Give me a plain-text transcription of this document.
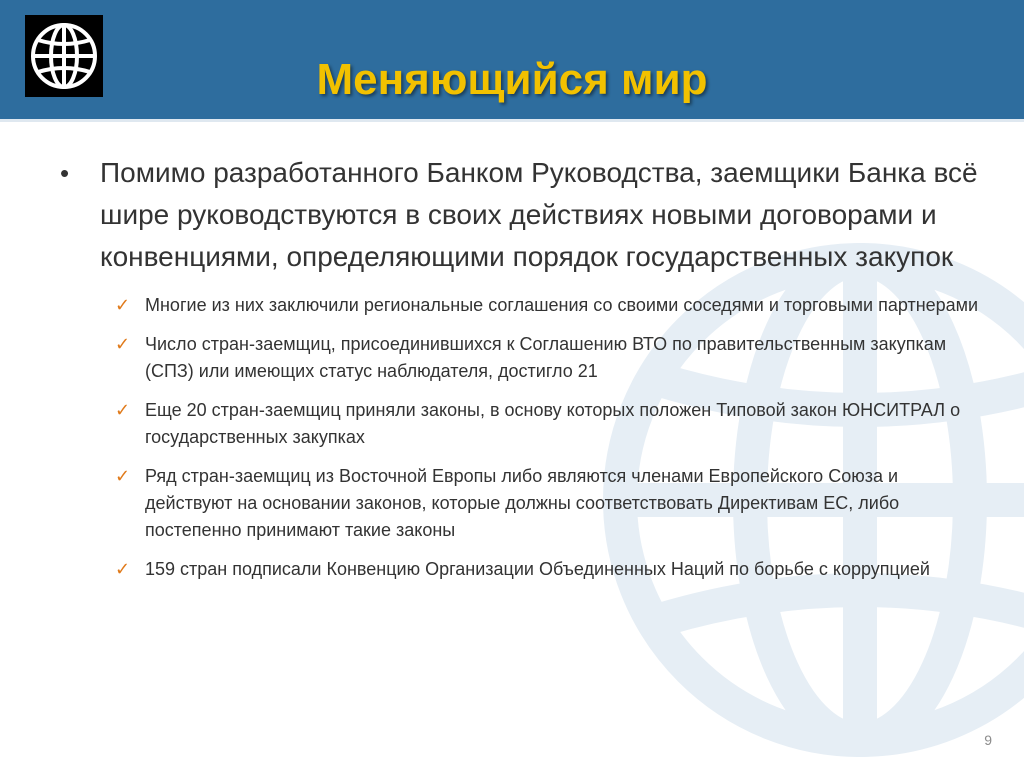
Меняющийся мир
• Помимо разработанного Банком Руководства, заемщики Банка всё шире руководствуются в своих действиях новыми договорами и конвенциями, определяющими порядок государственных закупок
✓ Многие из них заключили региональные соглашения со своими соседями и торговыми партнерами
✓ Число стран-заемщиц, присоединившихся к Соглашению ВТО по правительственным закупкам (СПЗ) или имеющих статус наблюдателя, достигло 21
✓ Еще 20 стран-заемщиц приняли законы, в основу которых положен Типовой закон ЮНСИТРАЛ о государственных закупках
✓ Ряд стран-заемщиц из Восточной Европы либо являются членами Европейского Союза и действуют на основании законов, которые должны соответствовать Директивам ЕС, либо постепенно принимают такие законы
✓ 159 стран подписали Конвенцию Организации Объединенных Наций по борьбе с коррупцией
9
